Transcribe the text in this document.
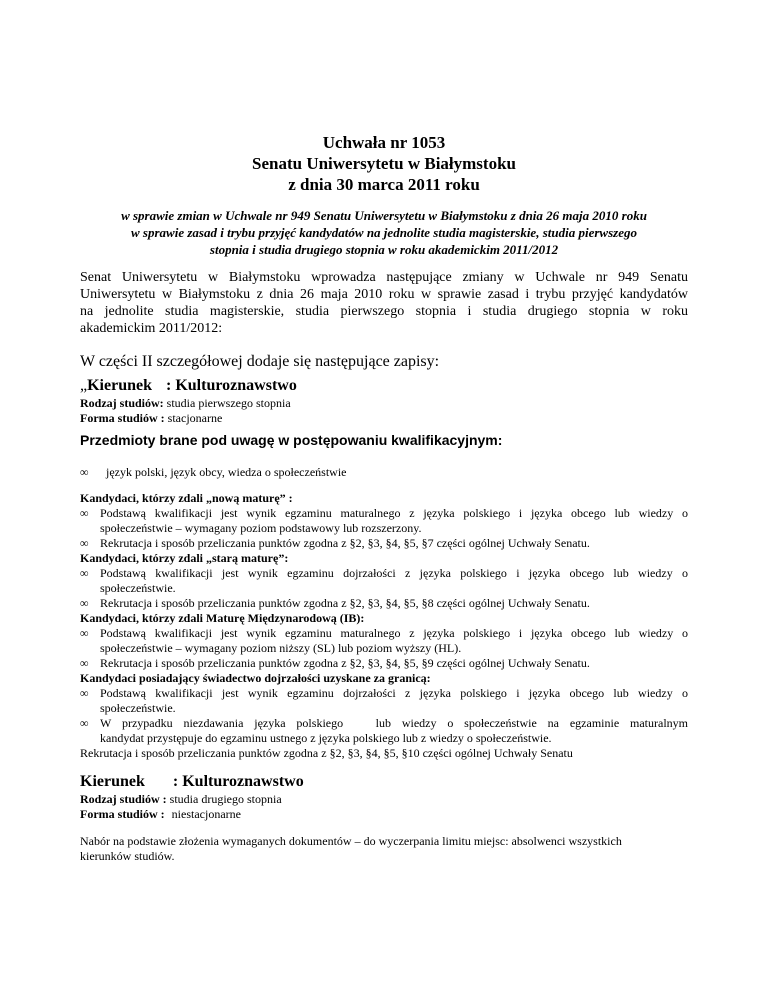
Uchwała nr 1053
Senatu Uniwersytetu w Białymstoku
z dnia 30 marca 2011 roku
w sprawie zmian w Uchwale nr 949 Senatu Uniwersytetu w Białymstoku z dnia 26 maja 2010 roku
w sprawie zasad i trybu przyjęć kandydatów na jednolite studia magisterskie, studia pierwszego
stopnia i studia drugiego stopnia w roku akademickim 2011/2012
Senat Uniwersytetu w Białymstoku wprowadza następujące zmiany w Uchwale nr 949 Senatu
Uniwersytetu w Białymstoku z dnia 26 maja 2010 roku w sprawie zasad i trybu przyjęć kandydatów
na jednolite studia magisterskie, studia pierwszego stopnia i studia drugiego stopnia w roku
akademickim 2011/2012:
W części II szczegółowej dodaje się następujące zapisy:
„Kierunek : Kulturoznawstwo
Rodzaj studiów: studia pierwszego stopnia
Forma studiów : stacjonarne
Przedmioty brane pod uwagę w postępowaniu kwalifikacyjnym:
∞ język polski, język obcy, wiedza o społeczeństwie
Kandydaci, którzy zdali „nową maturę” :
∞ Podstawą kwalifikacji jest wynik egzaminu maturalnego z języka polskiego i języka obcego lub wiedzy o
społeczeństwie – wymagany poziom podstawowy lub rozszerzony.
∞ Rekrutacja i sposób przeliczania punktów zgodna z §2, §3, §4, §5, §7 części ogólnej Uchwały Senatu.
Kandydaci, którzy zdali „starą maturę”:
∞ Podstawą kwalifikacji jest wynik egzaminu dojrzałości z języka polskiego i języka obcego lub wiedzy o
społeczeństwie.
∞ Rekrutacja i sposób przeliczania punktów zgodna z §2, §3, §4, §5, §8 części ogólnej Uchwały Senatu.
Kandydaci, którzy zdali Maturę Międzynarodową (IB):
∞ Podstawą kwalifikacji jest wynik egzaminu maturalnego z języka polskiego i języka obcego lub wiedzy o
społeczeństwie – wymagany poziom niższy (SL) lub poziom wyższy (HL).
∞ Rekrutacja i sposób przeliczania punktów zgodna z §2, §3, §4, §5, §9 części ogólnej Uchwały Senatu.
Kandydaci posiadający świadectwo dojrzałości uzyskane za granicą:
∞ Podstawą kwalifikacji jest wynik egzaminu dojrzałości z języka polskiego i języka obcego lub wiedzy o
społeczeństwie.
∞ W przypadku niezdawania języka polskiego   lub wiedzy o społeczeństwie na egzaminie maturalnym
kandydat przystępuje do egzaminu ustnego z języka polskiego lub z wiedzy o społeczeństwie.
Rekrutacja i sposób przeliczania punktów zgodna z §2, §3, §4, §5, §10 części ogólnej Uchwały Senatu
Kierunek : Kulturoznawstwo
Rodzaj studiów : studia drugiego stopnia
Forma studiów : niestacjonarne
Nabór na podstawie złożenia wymaganych dokumentów – do wyczerpania limitu miejsc: absolwenci wszystkich
kierunków studiów.
